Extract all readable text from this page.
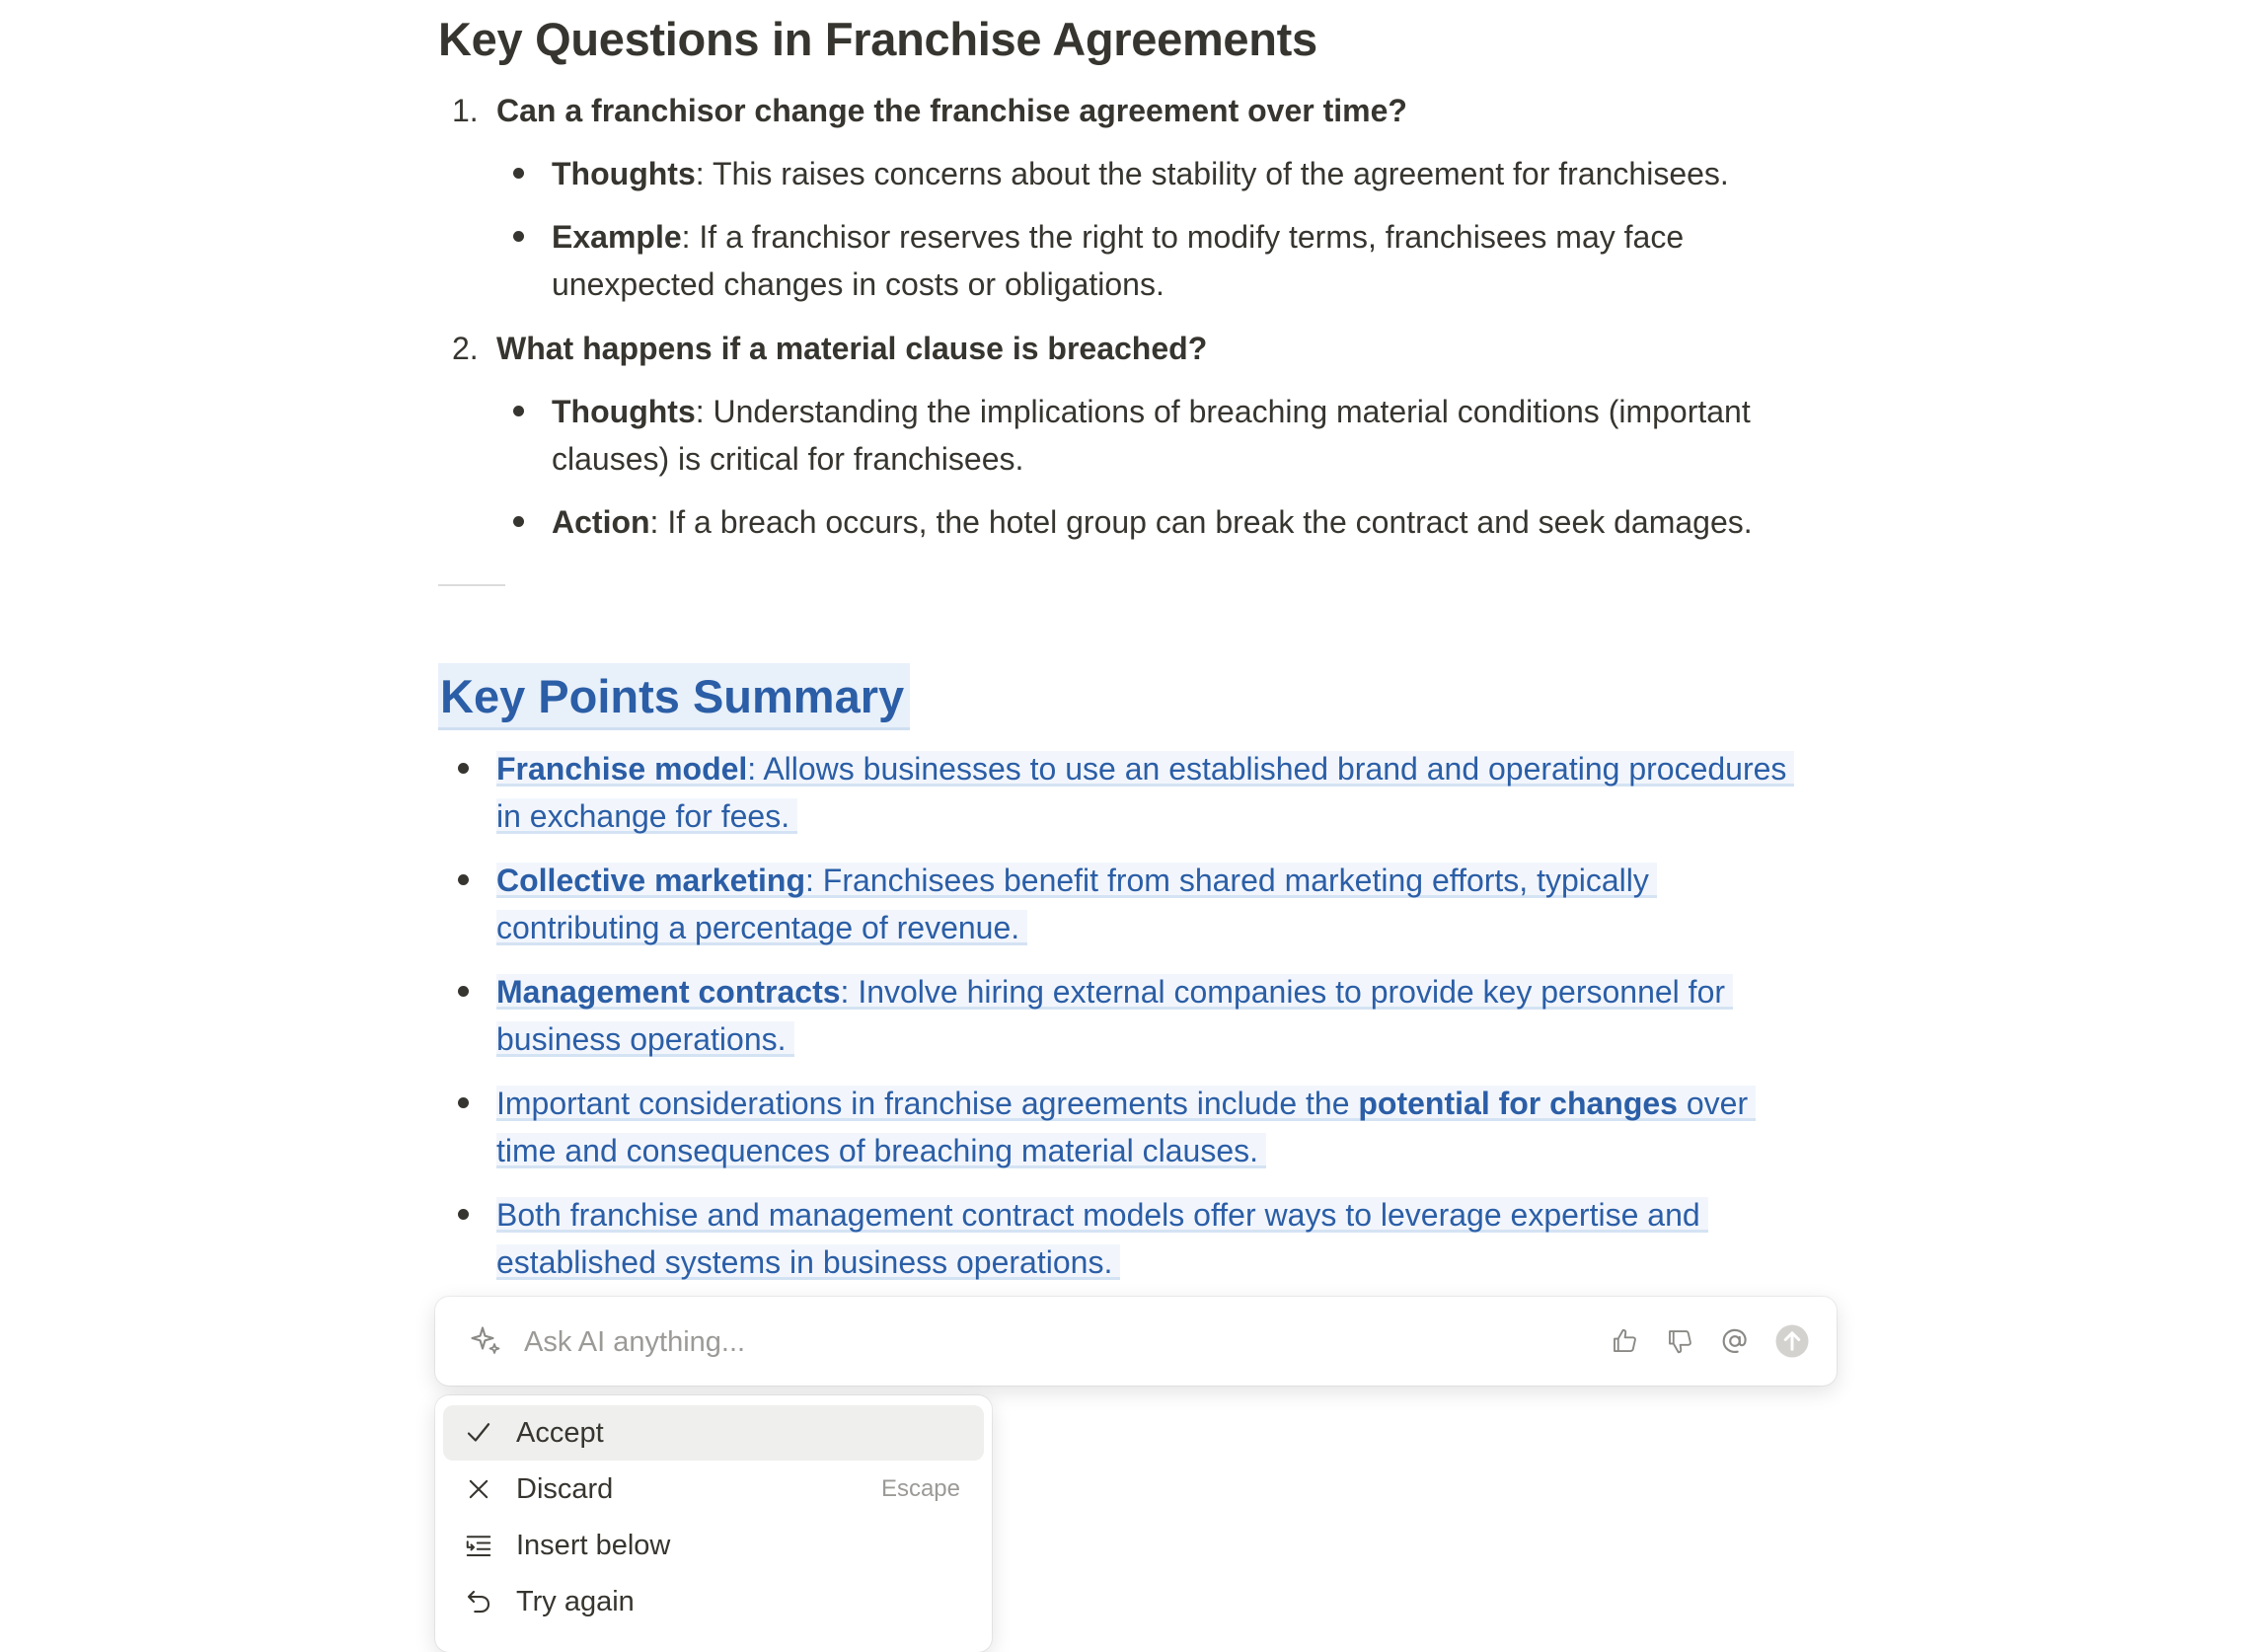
Key Questions in Franchise Agreements
1. Can a franchisor change the franchise agreement over time?
Thoughts: This raises concerns about the stability of the agreement for franchisees.
Example: If a franchisor reserves the right to modify terms, franchisees may face
unexpected changes in costs or obligations.
2. What happens if a material clause is breached?
Thoughts: Understanding the implications of breaching material conditions (important
clauses) is critical for franchisees.
Action: If a breach occurs, the hotel group can break the contract and seek damages.
Key Points Summary
Franchise model: Allows businesses to use an established brand and operating procedures
in exchange for fees.
Collective marketing: Franchisees benefit from shared marketing efforts, typically
contributing a percentage of revenue.
Management contracts: Involve hiring external companies to provide key personnel for
business operations.
Important considerations in franchise agreements include the potential for changes over
time and consequences of breaching material clauses.
Both franchise and management contract models offer ways to leverage expertise and
established systems in business operations.
Ask AI anything...
Accept
Discard	Escape
Insert below
Try again
